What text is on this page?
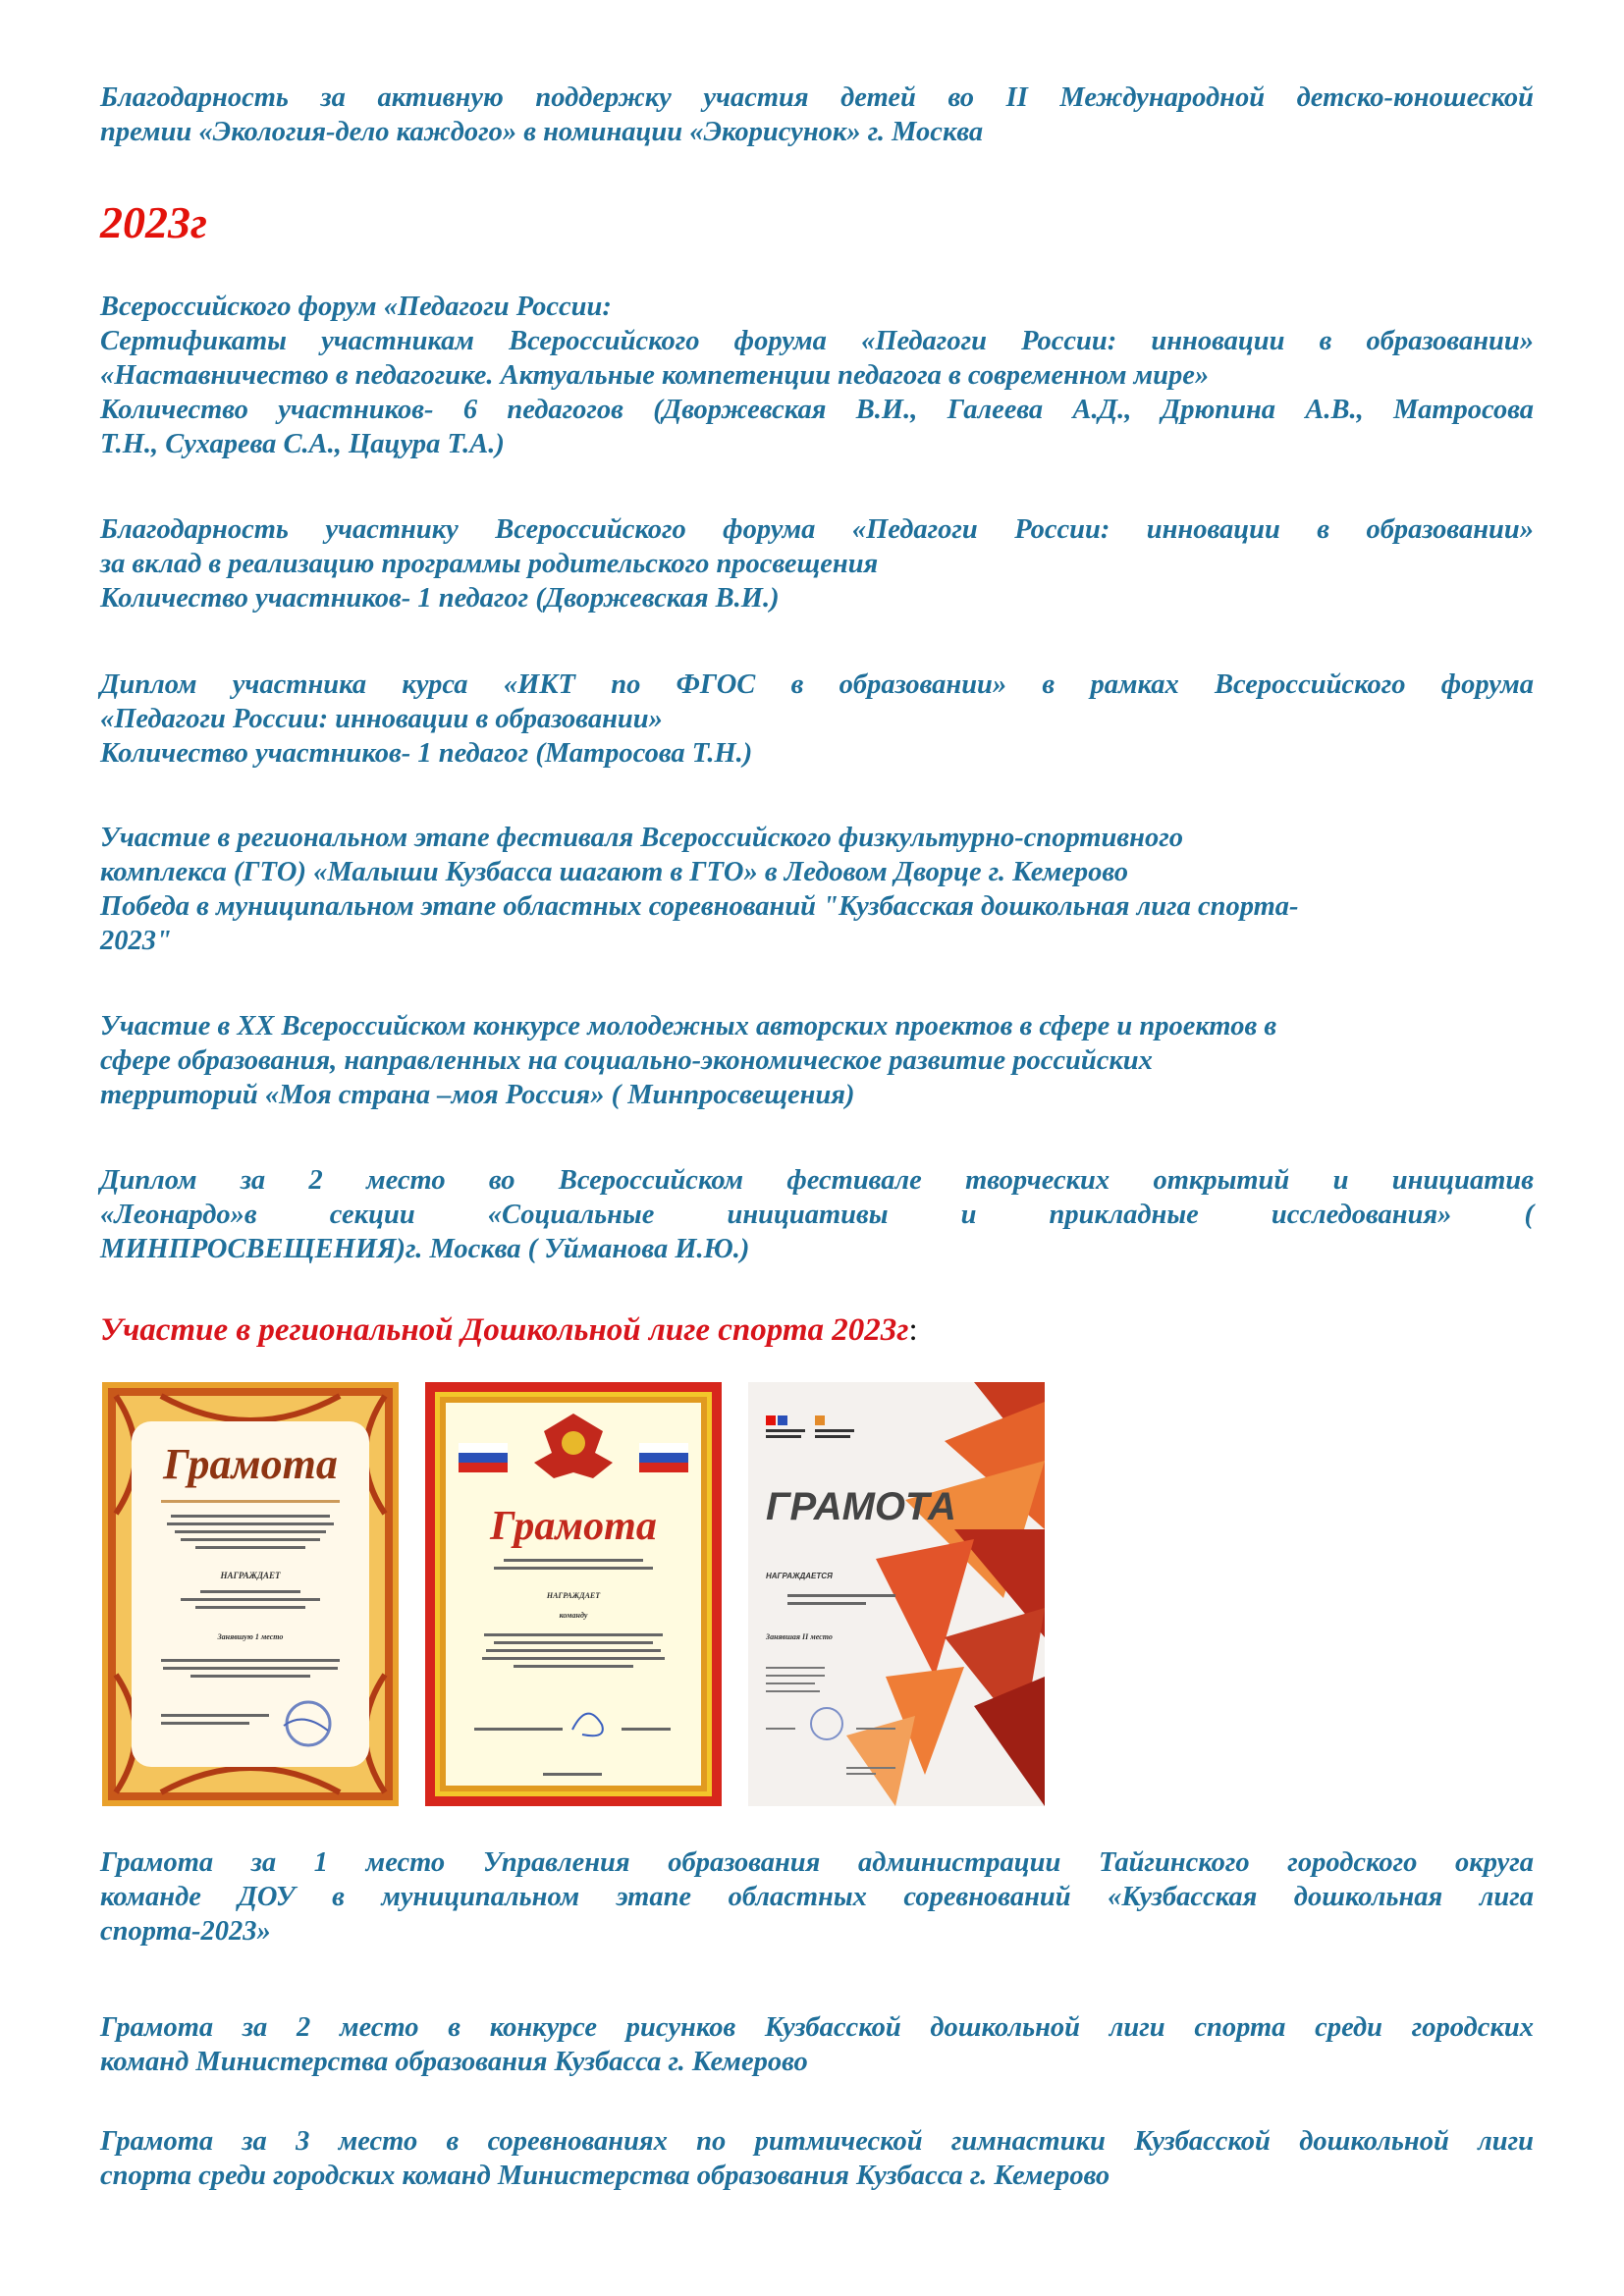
Благодарность за активную поддержку участия детей во II Международной детско-юношеской

премии «Экология-дело каждого» в номинации «Экорисунок» г. Москва

2023г

Всероссийского форум «Педагоги России:

Сертификаты участникам Всероссийского форума «Педагоги России: инновации в образовании»

«Наставничество в педагогике. Актуальные компетенции педагога в современном мире»

Количество участников- 6 педагогов (Дворжевская В.И., Галеева А.Д., Дрюпина А.В., Матросова

Т.Н., Сухарева С.А., Цацура Т.А.)

Благодарность участнику Всероссийского форума «Педагоги России: инновации в образовании»

за вклад в реализацию программы родительского просвещения

Количество участников- 1 педагог (Дворжевская В.И.)

Диплом участника курса «ИКТ по ФГОС в образовании» в рамках Всероссийского форума

«Педагоги России: инновации в образовании»

Количество участников- 1 педагог (Матросова Т.Н.)

Участие в региональном этапе фестиваля Всероссийского физкультурно-спортивного

комплекса (ГТО) «Малыши Кузбасса шагают в ГТО» в Ледовом Дворце г. Кемерово

Победа в муниципальном этапе областных соревнований "Кузбасская дошкольная лига спорта-

2023"

Участие в XX Всероссийском конкурсе молодежных авторских проектов в сфере и проектов в

сфере образования, направленных на социально-экономическое развитие российских

территорий «Моя страна –моя Россия» ( Минпросвещения)

Диплом за 2 место во Всероссийском фестивале творческих открытий и инициатив

«Леонардо»в секции «Социальные инициативы и прикладные исследования» (

МИНПРОСВЕЩЕНИЯ)г. Москва ( Уйманова И.Ю.)

Участие в региональной Дошкольной лиге спорта 2023г:
Грамота
НАГРАЖДАЕТ
Занявшую 1 место
Грамота
НАГРАЖДАЕТ
команду
ГРАМОТА
НАГРАЖДАЕТСЯ
Занявшая II место

Грамота за 1 место Управления образования администрации Тайгинского городского округа

команде ДОУ в муниципальном этапе областных соревнований «Кузбасская дошкольная лига

спорта-2023»

Грамота за 2 место в конкурсе рисунков Кузбасской дошкольной лиги спорта среди городских

команд Министерства образования Кузбасса г. Кемерово

Грамота за 3 место в соревнованиях по ритмической гимнастики Кузбасской дошкольной лиги

спорта среди городских команд Министерства образования Кузбасса г. Кемерово
